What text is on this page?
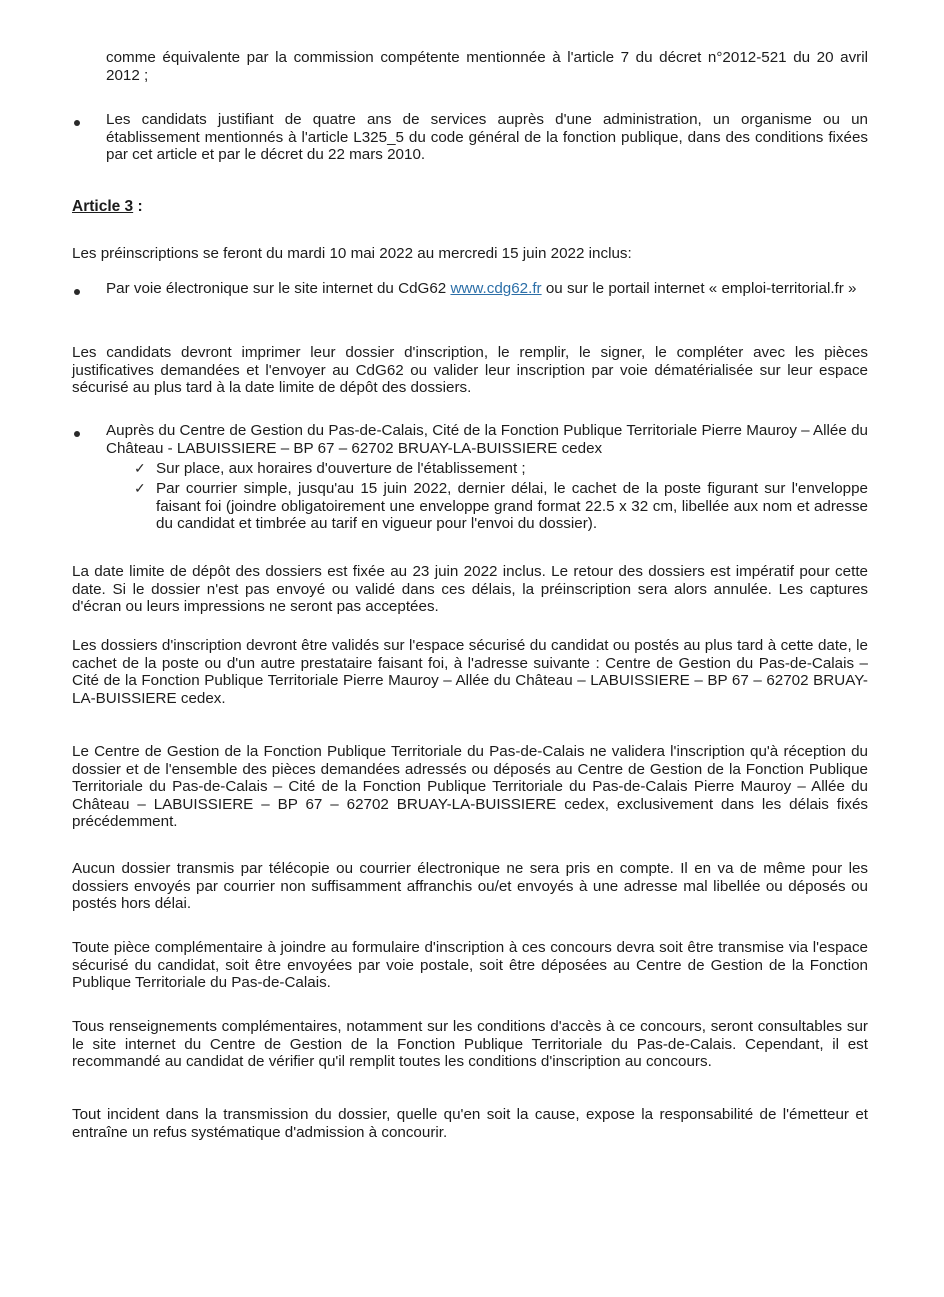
comme équivalente par la commission compétente mentionnée à l'article 7 du décret n°2012-521 du 20 avril 2012 ;
Les candidats justifiant de quatre ans de services auprès d'une administration, un organisme ou un établissement mentionnés à l'article L325_5 du code général de la fonction publique, dans des conditions fixées par cet article et par le décret du 22 mars 2010.
Article 3 :
Les préinscriptions se feront du mardi 10 mai 2022 au mercredi 15 juin 2022 inclus:
Par voie électronique sur le site internet du CdG62 www.cdg62.fr ou sur le portail internet « emploi-territorial.fr »
Les candidats devront imprimer leur dossier d'inscription, le remplir, le signer, le compléter avec les pièces justificatives demandées et l'envoyer au CdG62 ou valider leur inscription par voie dématérialisée sur leur espace sécurisé au plus tard à la date limite de dépôt des dossiers.
Auprès du Centre de Gestion du Pas-de-Calais, Cité de la Fonction Publique Territoriale Pierre Mauroy – Allée du Château - LABUISSIERE – BP 67 – 62702 BRUAY-LA-BUISSIERE cedex
✓ Sur place, aux horaires d'ouverture de l'établissement ;
✓ Par courrier simple, jusqu'au 15 juin 2022, dernier délai, le cachet de la poste figurant sur l'enveloppe faisant foi (joindre obligatoirement une enveloppe grand format 22.5 x 32 cm, libellée aux nom et adresse du candidat et timbrée au tarif en vigueur pour l'envoi du dossier).
La date limite de dépôt des dossiers est fixée au 23 juin 2022 inclus. Le retour des dossiers est impératif pour cette date. Si le dossier n'est pas envoyé ou validé dans ces délais, la préinscription sera alors annulée. Les captures d'écran ou leurs impressions ne seront pas acceptées.
Les dossiers d'inscription devront être validés sur l'espace sécurisé du candidat ou postés au plus tard à cette date, le cachet de la poste ou d'un autre prestataire faisant foi, à l'adresse suivante : Centre de Gestion du Pas-de-Calais – Cité de la Fonction Publique Territoriale Pierre Mauroy – Allée du Château – LABUISSIERE – BP 67 – 62702 BRUAY-LA-BUISSIERE cedex.
Le Centre de Gestion de la Fonction Publique Territoriale du Pas-de-Calais ne validera l'inscription qu'à réception du dossier et de l'ensemble des pièces demandées adressés ou déposés au Centre de Gestion de la Fonction Publique Territoriale du Pas-de-Calais – Cité de la Fonction Publique Territoriale du Pas-de-Calais Pierre Mauroy – Allée du Château – LABUISSIERE – BP 67 – 62702 BRUAY-LA-BUISSIERE cedex, exclusivement dans les délais fixés précédemment.
Aucun dossier transmis par télécopie ou courrier électronique ne sera pris en compte. Il en va de même pour les dossiers envoyés par courrier non suffisamment affranchis ou/et envoyés à une adresse mal libellée ou déposés ou postés hors délai.
Toute pièce complémentaire à joindre au formulaire d'inscription à ces concours devra soit être transmise via l'espace sécurisé du candidat, soit être envoyées par voie postale, soit être déposées au Centre de Gestion de la Fonction Publique Territoriale du Pas-de-Calais.
Tous renseignements complémentaires, notamment sur les conditions d'accès à ce concours, seront consultables sur le site internet du Centre de Gestion de la Fonction Publique Territoriale du Pas-de-Calais. Cependant, il est recommandé au candidat de vérifier qu'il remplit toutes les conditions d'inscription au concours.
Tout incident dans la transmission du dossier, quelle qu'en soit la cause, expose la responsabilité de l'émetteur et entraîne un refus systématique d'admission à concourir.
